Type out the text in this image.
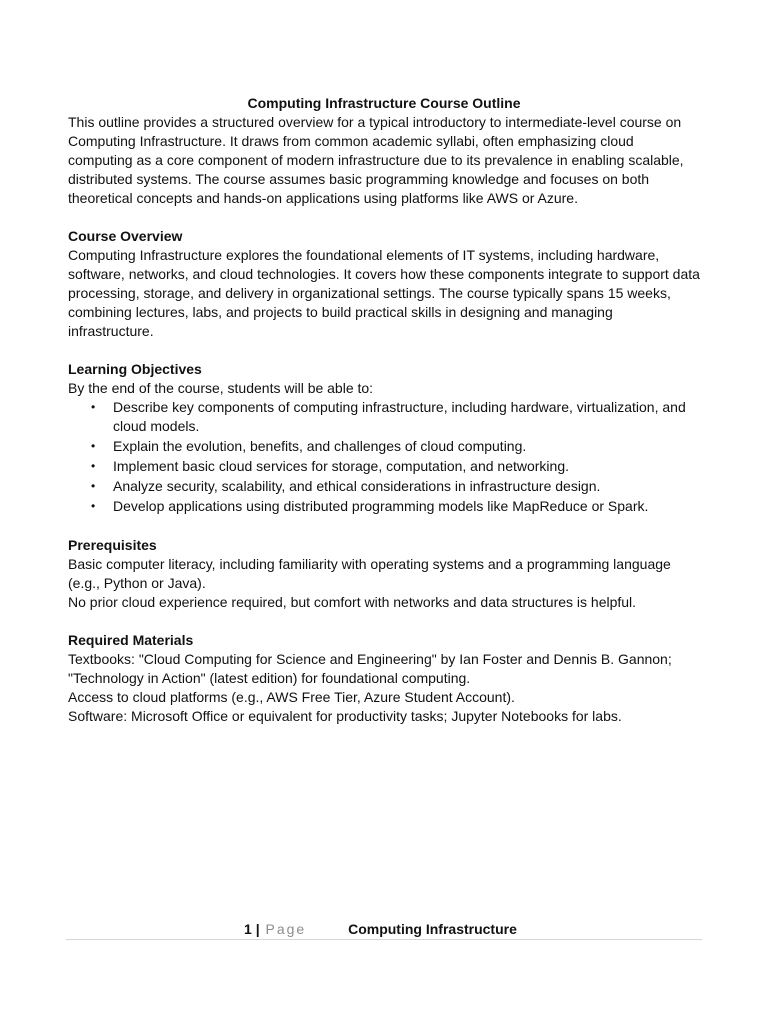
Computing Infrastructure Course Outline

This outline provides a structured overview for a typical introductory to intermediate-level course on Computing Infrastructure. It draws from common academic syllabi, often emphasizing cloud computing as a core component of modern infrastructure due to its prevalence in enabling scalable, distributed systems. The course assumes basic programming knowledge and focuses on both theoretical concepts and hands-on applications using platforms like AWS or Azure.

Course Overview

Computing Infrastructure explores the foundational elements of IT systems, including hardware, software, networks, and cloud technologies. It covers how these components integrate to support data processing, storage, and delivery in organizational settings. The course typically spans 15 weeks, combining lectures, labs, and projects to build practical skills in designing and managing infrastructure.

Learning Objectives

By the end of the course, students will be able to:

• Describe key components of computing infrastructure, including hardware, virtualization, and cloud models.
• Explain the evolution, benefits, and challenges of cloud computing.
• Implement basic cloud services for storage, computation, and networking.
• Analyze security, scalability, and ethical considerations in infrastructure design.
• Develop applications using distributed programming models like MapReduce or Spark.

Prerequisites

Basic computer literacy, including familiarity with operating systems and a programming language (e.g., Python or Java).

No prior cloud experience required, but comfort with networks and data structures is helpful.

Required Materials

Textbooks: "Cloud Computing for Science and Engineering" by Ian Foster and Dennis B. Gannon; "Technology in Action" (latest edition) for foundational computing.

Access to cloud platforms (e.g., AWS Free Tier, Azure Student Account).

Software: Microsoft Office or equivalent for productivity tasks; Jupyter Notebooks for labs.

1 | Page	Computing Infrastructure
